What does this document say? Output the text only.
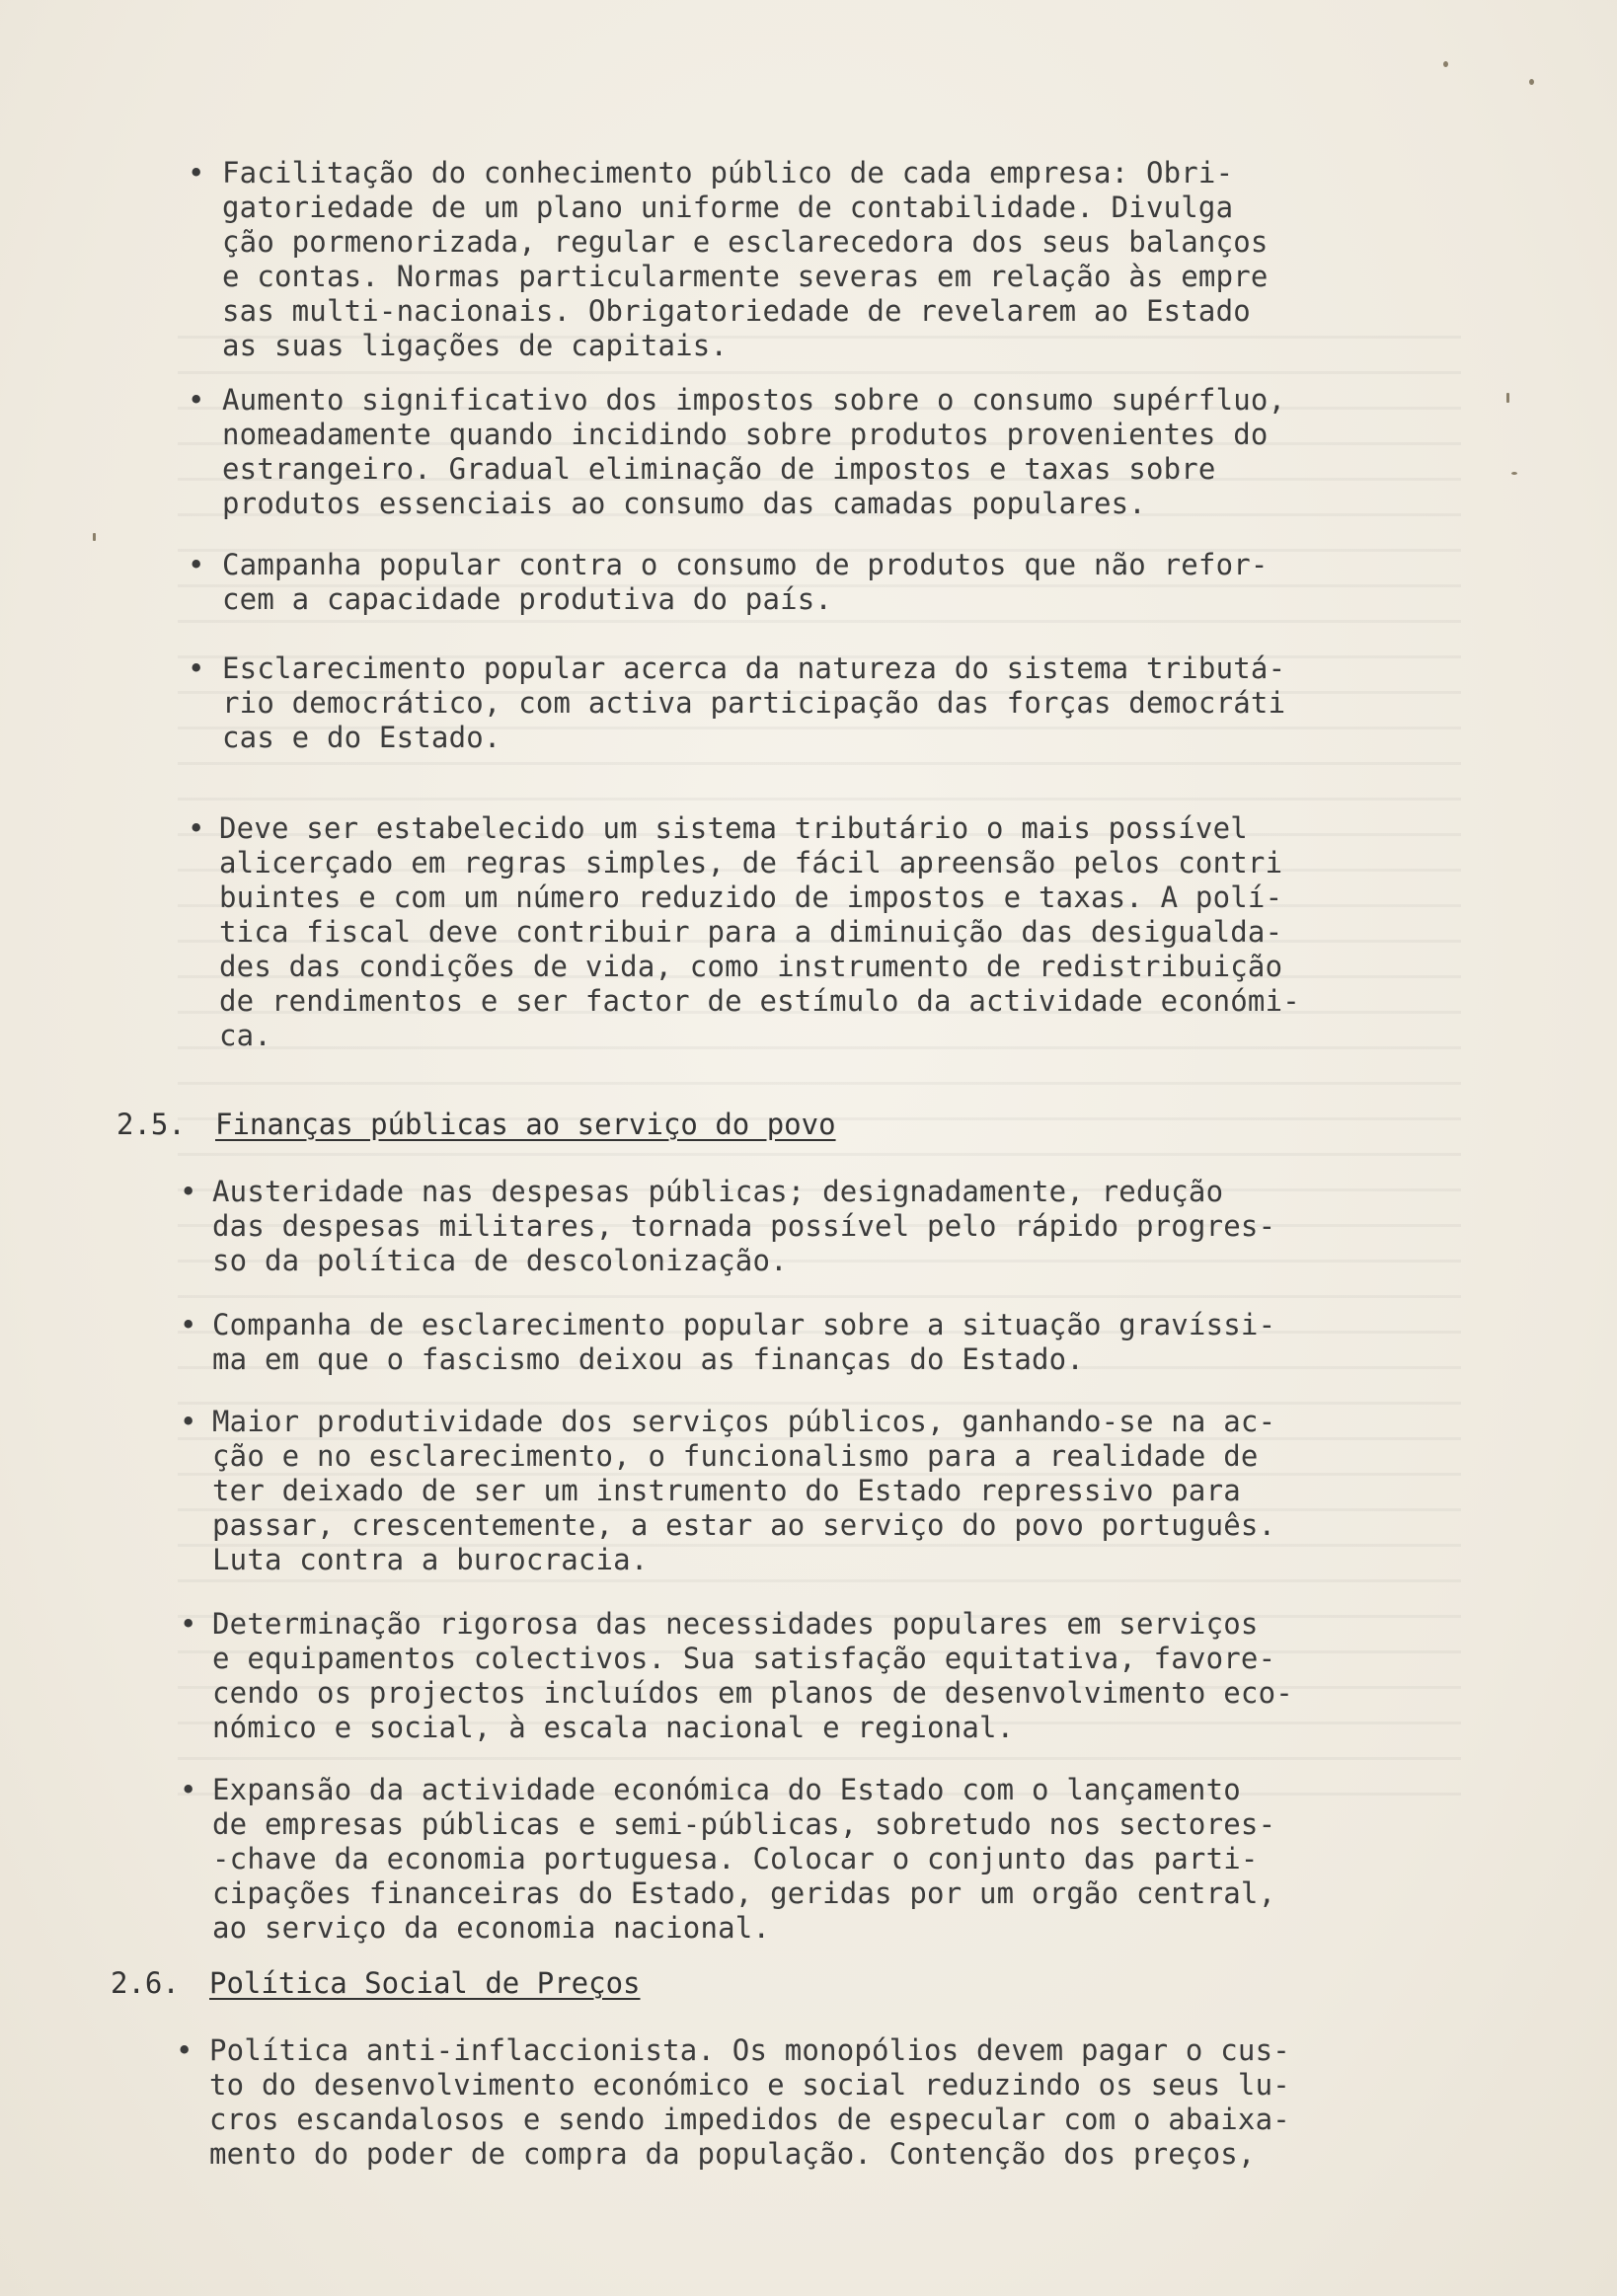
• Facilitação do conhecimento público de cada empresa: Obri-
gatoriedade de um plano uniforme de contabilidade. Divulga
ção pormenorizada, regular e esclarecedora dos seus balanços
e contas. Normas particularmente severas em relação às empre
sas multi-nacionais. Obrigatoriedade de revelarem ao Estado
as suas ligações de capitais.
• Aumento significativo dos impostos sobre o consumo supérfluo,
nomeadamente quando incidindo sobre produtos provenientes do
estrangeiro. Gradual eliminação de impostos e taxas sobre
produtos essenciais ao consumo das camadas populares.
• Campanha popular contra o consumo de produtos que não refor-
cem a capacidade produtiva do país.
• Esclarecimento popular acerca da natureza do sistema tributá-
rio democrático, com activa participação das forças democráti
cas e do Estado.
• Deve ser estabelecido um sistema tributário o mais possível
alicerçado em regras simples, de fácil apreensão pelos contri
buintes e com um número reduzido de impostos e taxas. A polí-
tica fiscal deve contribuir para a diminuição das desigualda-
des das condições de vida, como instrumento de redistribuição
de rendimentos e ser factor de estímulo da actividade económi-
ca.
2.5. Finanças públicas ao serviço do povo
• Austeridade nas despesas públicas; designadamente, redução
das despesas militares, tornada possível pelo rápido progres-
so da política de descolonização.
• Companha de esclarecimento popular sobre a situação gravíssi-
ma em que o fascismo deixou as finanças do Estado.
• Maior produtividade dos serviços públicos, ganhando-se na ac-
ção e no esclarecimento, o funcionalismo para a realidade de
ter deixado de ser um instrumento do Estado repressivo para
passar, crescentemente, a estar ao serviço do povo português.
Luta contra a burocracia.
• Determinação rigorosa das necessidades populares em serviços
e equipamentos colectivos. Sua satisfação equitativa, favore-
cendo os projectos incluídos em planos de desenvolvimento eco-
nómico e social, à escala nacional e regional.
• Expansão da actividade económica do Estado com o lançamento
de empresas públicas e semi-públicas, sobretudo nos sectores-
-chave da economia portuguesa. Colocar o conjunto das parti-
cipações financeiras do Estado, geridas por um orgão central,
ao serviço da economia nacional.
2.6. Política Social de Preços
• Política anti-inflaccionista. Os monopólios devem pagar o cus-
to do desenvolvimento económico e social reduzindo os seus lu-
cros escandalosos e sendo impedidos de especular com o abaixa-
mento do poder de compra da população. Contenção dos preços,
